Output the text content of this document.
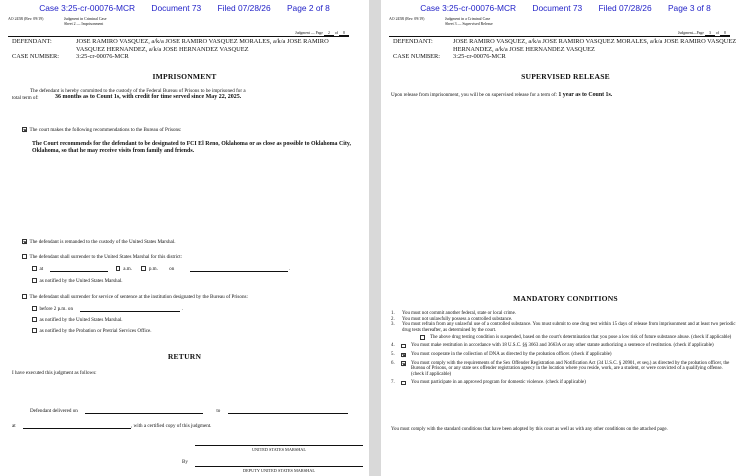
Case 3:25-cr-00076-MCR Document 73 Filed 07/28/26 Page 2 of 8
AO 245B (Rev. 09/19)	Judgment in Criminal Case
Sheet 2 — Imprisonment
Judgment — Page 2 of 8
DEFENDANT:	JOSE RAMIRO VASQUEZ, a/k/a JOSE RAMIRO VASQUEZ MORALES, a/k/a JOSE RAMIRO VASQUEZ HERNANDEZ, a/k/a JOSE HERNANDEZ VASQUEZ
CASE NUMBER:	3:25-cr-00076-MCR
IMPRISONMENT
The defendant is hereby committed to the custody of the Federal Bureau of Prisons to be imprisoned for a
total term of:	36 months as to Count 1s, with credit for time served since May 22, 2025.
The court makes the following recommendations to the Bureau of Prisons:
The Court recommends for the defendant to be designated to FCI El Reno, Oklahoma or as close as possible to Oklahoma City, Oklahoma, so that he may receive visits from family and friends.
The defendant is remanded to the custody of the United States Marshal.
The defendant shall surrender to the United States Marshal for this district:
at	a.m.	p.m. on	.
as notified by the United States Marshal.
The defendant shall surrender for service of sentence at the institution designated by the Bureau of Prisons:
before 2 p.m. on	.
as notified by the United States Marshal.
as notified by the Probation or Pretrial Services Office.
RETURN
I have executed this judgment as follows:
Defendant delivered on	to
at	, with a certified copy of this judgment.
UNITED STATES MARSHAL
By
DEPUTY UNITED STATES MARSHAL
Case 3:25-cr-00076-MCR Document 73 Filed 07/28/26 Page 3 of 8
AO 245B (Rev. 09/19)	Judgment in a Criminal Case
Sheet 3 — Supervised Release
Judgment—Page 3 of 8
DEFENDANT:	JOSE RAMIRO VASQUEZ, a/k/a JOSE RAMIRO VASQUEZ MORALES, a/k/a JOSE RAMIRO VASQUEZ HERNANDEZ, a/k/a JOSE HERNANDEZ VASQUEZ
CASE NUMBER:	3:25-cr-00076-MCR
SUPERVISED RELEASE
Upon release from imprisonment, you will be on supervised release for a term of: 1 year as to Count 1s.
MANDATORY CONDITIONS
1. You must not commit another federal, state or local crime.
2. You must not unlawfully possess a controlled substance.
3. You must refrain from any unlawful use of a controlled substance. You must submit to one drug test within 15 days of release from imprisonment and at least two periodic drug tests thereafter, as determined by the court.
The above drug testing condition is suspended, based on the court's determination that you pose a low risk of future substance abuse. (check if applicable)
4.	You must make restitution in accordance with 18 U.S.C. §§ 3663 and 3663A or any other statute authorizing a sentence of restitution. (check if applicable)
5.	You must cooperate in the collection of DNA as directed by the probation officer. (check if applicable)
6.	You must comply with the requirements of the Sex Offender Registration and Notification Act (34 U.S.C. § 20901, et seq.) as directed by the probation officer, the Bureau of Prisons, or any state sex offender registration agency in the location where you reside, work, are a student, or were convicted of a qualifying offense. (check if applicable)
7.	You must participate in an approved program for domestic violence. (check if applicable)
You must comply with the standard conditions that have been adopted by this court as well as with any other conditions on the attached page.
